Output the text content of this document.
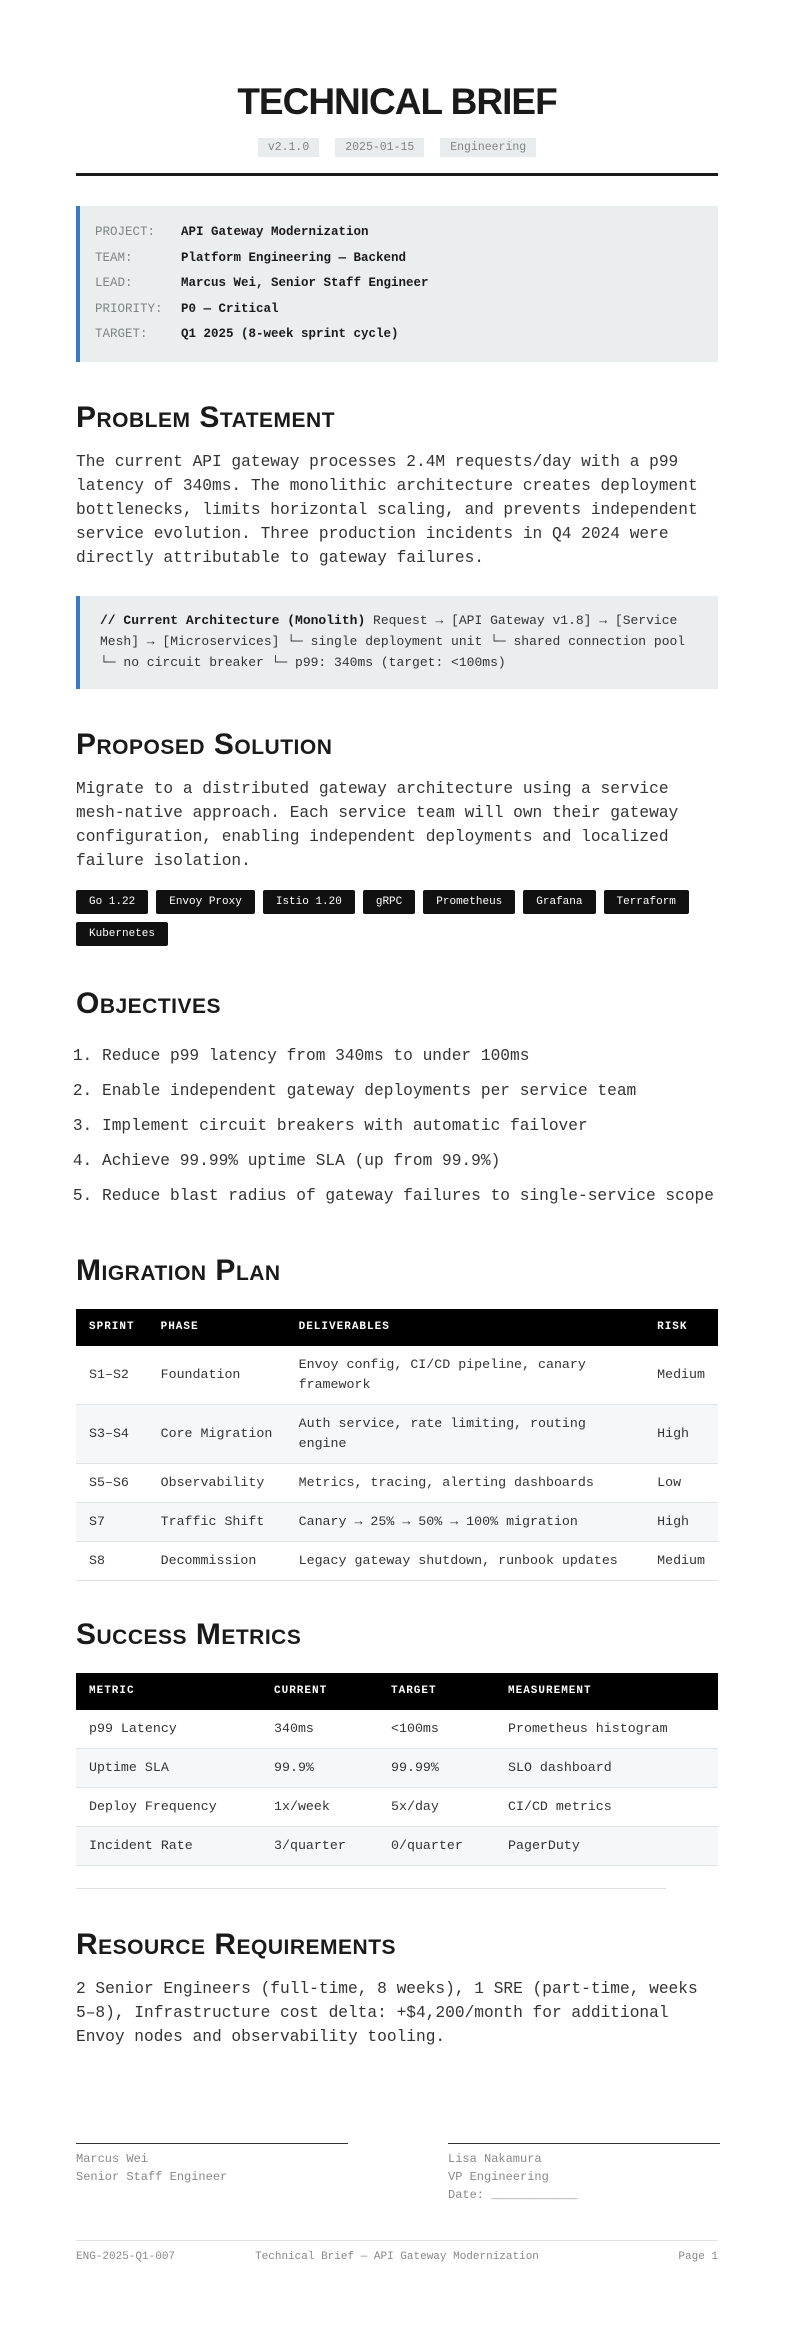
TECHNICAL BRIEF
v2.1.0	2025-01-15	Engineering
PROJECT: API Gateway Modernization
TEAM:	Platform Engineering — Backend
LEAD:	Marcus Wei, Senior Staff Engineer
PRIORITY: P0 — Critical
TARGET:	Q1 2025 (8-week sprint cycle)
Problem Statement

The current API gateway processes 2.4M requests/day with a p99 latency of 340ms. The monolithic architecture creates deployment bottlenecks, limits horizontal scaling, and prevents independent service evolution. Three production incidents in Q4 2024 were directly attributable to gateway failures.

// Current Architecture (Monolith) Request → [API Gateway v1.8] → [Service Mesh] → [Microservices] └─ single deployment unit └─ shared connection pool └─ no circuit breaker └─ p99: 340ms (target: <100ms)
Proposed Solution

Migrate to a distributed gateway architecture using a service mesh-native approach. Each service team will own their gateway configuration, enabling independent deployments and localized failure isolation.

Go 1.22	Envoy Proxy	Istio 1.20	gRPC	Prometheus	Grafana	TerraformKubernetes
Objectives
1. Reduce p99 latency from 340ms to under 100ms
2. Enable independent gateway deployments per service team
3. Implement circuit breakers with automatic failover
4. Achieve 99.99% uptime SLA (up from 99.9%)
5. Reduce blast radius of gateway failures to single-service scope
Migration Plan
SPRINT	PHASE	DELIVERABLES	RISK
S1–S2	Foundation	Envoy config, CI/CD pipeline, canary framework	Medium
S3–S4	Core Migration	Auth service, rate limiting, routing engine	High
S5–S6	Observability	Metrics, tracing, alerting dashboards	Low
S7	Traffic Shift	Canary → 25% → 50% → 100% migration	High
S8	Decommission	Legacy gateway shutdown, runbook updates	Medium
Success Metrics
METRIC	CURRENT	TARGET	MEASUREMENT
p99 Latency	340ms	<100ms	Prometheus histogram
Uptime SLA	99.9%	99.99%	SLO dashboard
Deploy Frequency	1x/week	5x/day	CI/CD metrics
Incident Rate	3/quarter	0/quarter	PagerDuty
Resource Requirements

2 Senior Engineers (full-time, 8 weeks), 1 SRE (part-time, weeks 5–8), Infrastructure cost delta: +$4,200/month for additional Envoy nodes and observability tooling.

Marcus Wei
Senior Staff Engineer
Lisa Nakamura
VP Engineering
Date: ____________
ENG-2025-Q1-007	Technical Brief — API Gateway Modernization	Page 1
